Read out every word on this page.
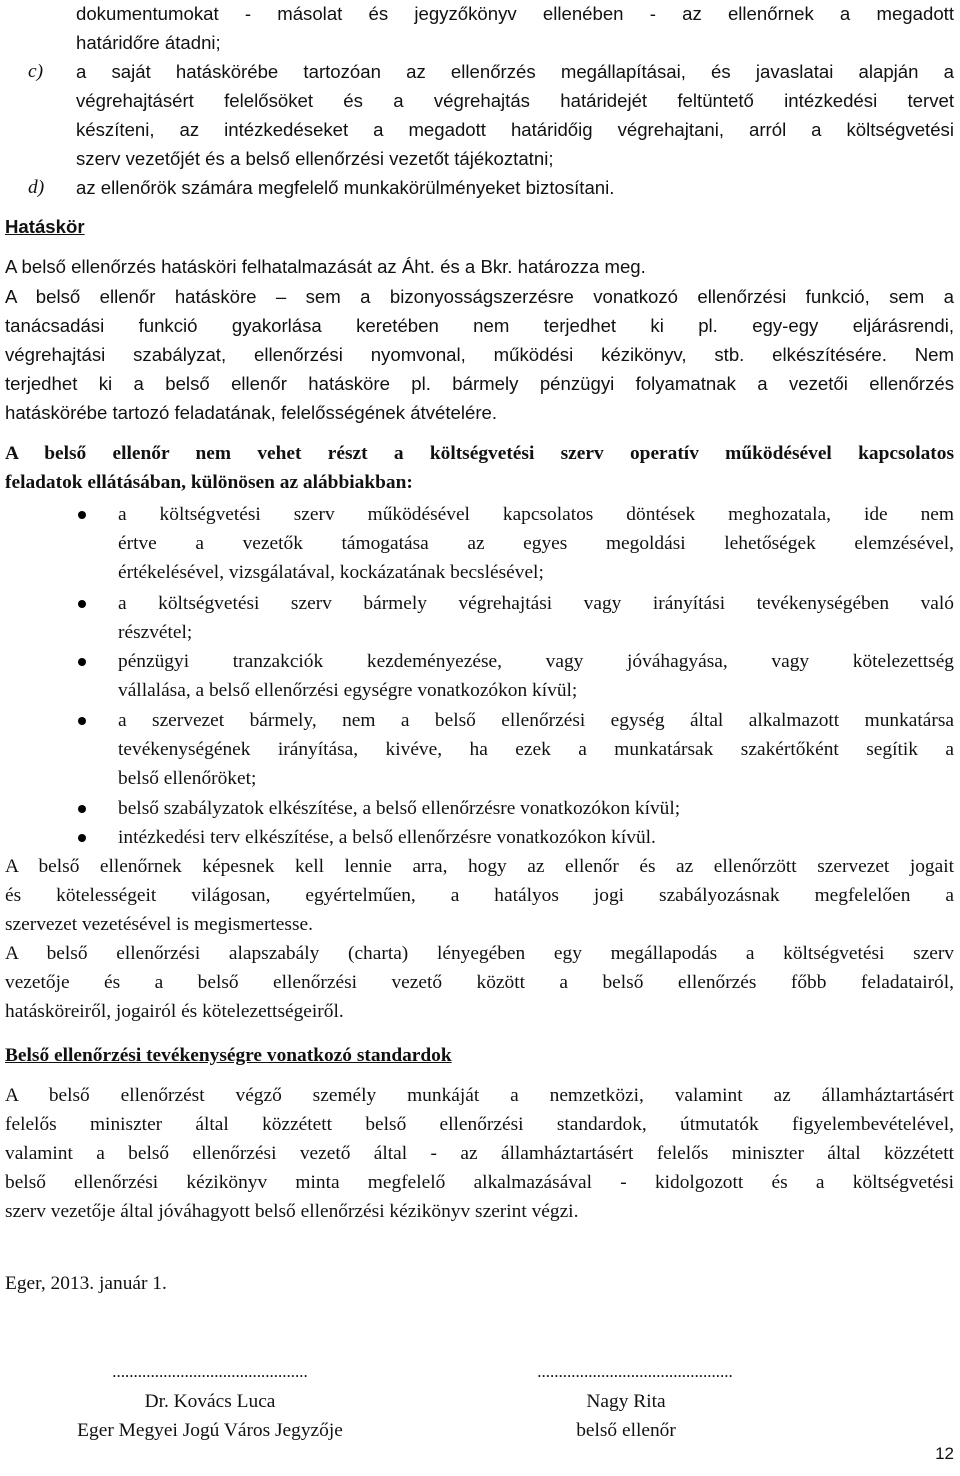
dokumentumokat - másolat és jegyzőkönyv ellenében - az ellenőrnek a megadott
határidőre átadni;
c) a saját hatáskörébe tartozóan az ellenőrzés megállapításai, és javaslatai alapján a
végrehajtásért felelősöket és a végrehajtás határidejét feltüntető intézkedési tervet
készíteni, az intézkedéseket a megadott határidőig végrehajtani, arról a költségvetési
szerv vezetőjét és a belső ellenőrzési vezetőt tájékoztatni;
d) az ellenőrök számára megfelelő munkakörülményeket biztosítani.
Hatáskör
A belső ellenőrzés hatásköri felhatalmazását az Áht. és a Bkr. határozza meg.
A belső ellenőr hatásköre – sem a bizonyosságszerzésre vonatkozó ellenőrzési funkció, sem a
tanácsadási funkció gyakorlása keretében nem terjedhet ki pl. egy-egy eljárásrendi,
végrehajtási szabályzat, ellenőrzési nyomvonal, működési kézikönyv, stb. elkészítésére. Nem
terjedhet ki a belső ellenőr hatásköre pl. bármely pénzügyi folyamatnak a vezetői ellenőrzés
hatáskörébe tartozó feladatának, felelősségének átvételére.
A belső ellenőr nem vehet részt a költségvetési szerv operatív működésével kapcsolatos
feladatok ellátásában, különösen az alábbiakban:
a költségvetési szerv működésével kapcsolatos döntések meghozatala, ide nem
értve a vezetők támogatása az egyes megoldási lehetőségek elemzésével,
értékelésével, vizsgálatával, kockázatának becslésével;
a költségvetési szerv bármely végrehajtási vagy irányítási tevékenységében való
részvétel;
pénzügyi tranzakciók kezdeményezése, vagy jóváhagyása, vagy kötelezettség
vállalása, a belső ellenőrzési egységre vonatkozókon kívül;
a szervezet bármely, nem a belső ellenőrzési egység által alkalmazott munkatársa
tevékenységének irányítása, kivéve, ha ezek a munkatársak szakértőként segítik a
belső ellenőröket;
belső szabályzatok elkészítése, a belső ellenőrzésre vonatkozókon kívül;
intézkedési terv elkészítése, a belső ellenőrzésre vonatkozókon kívül.
A belső ellenőrnek képesnek kell lennie arra, hogy az ellenőr és az ellenőrzött szervezet jogait
és kötelességeit világosan, egyértelműen, a hatályos jogi szabályozásnak megfelelően a
szervezet vezetésével is megismertesse.
A belső ellenőrzési alapszabály (charta) lényegében egy megállapodás a költségvetési szerv
vezetője és a belső ellenőrzési vezető között a belső ellenőrzés főbb feladatairól,
hatásköreiről, jogairól és kötelezettségeiről.
Belső ellenőrzési tevékenységre vonatkozó standardok
A belső ellenőrzést végző személy munkáját a nemzetközi, valamint az államháztartásért
felelős miniszter által közzétett belső ellenőrzési standardok, útmutatók figyelembevételével,
valamint a belső ellenőrzési vezető által - az államháztartásért felelős miniszter által közzétett
belső ellenőrzési kézikönyv minta megfelelő alkalmazásával - kidolgozott és a költségvetési
szerv vezetője által jóváhagyott belső ellenőrzési kézikönyv szerint végzi.
Eger, 2013. január 1.
..............................................
Dr. Kovács Luca
Eger Megyei Jogú Város Jegyzője
..............................................
Nagy Rita
belső ellenőr
12
